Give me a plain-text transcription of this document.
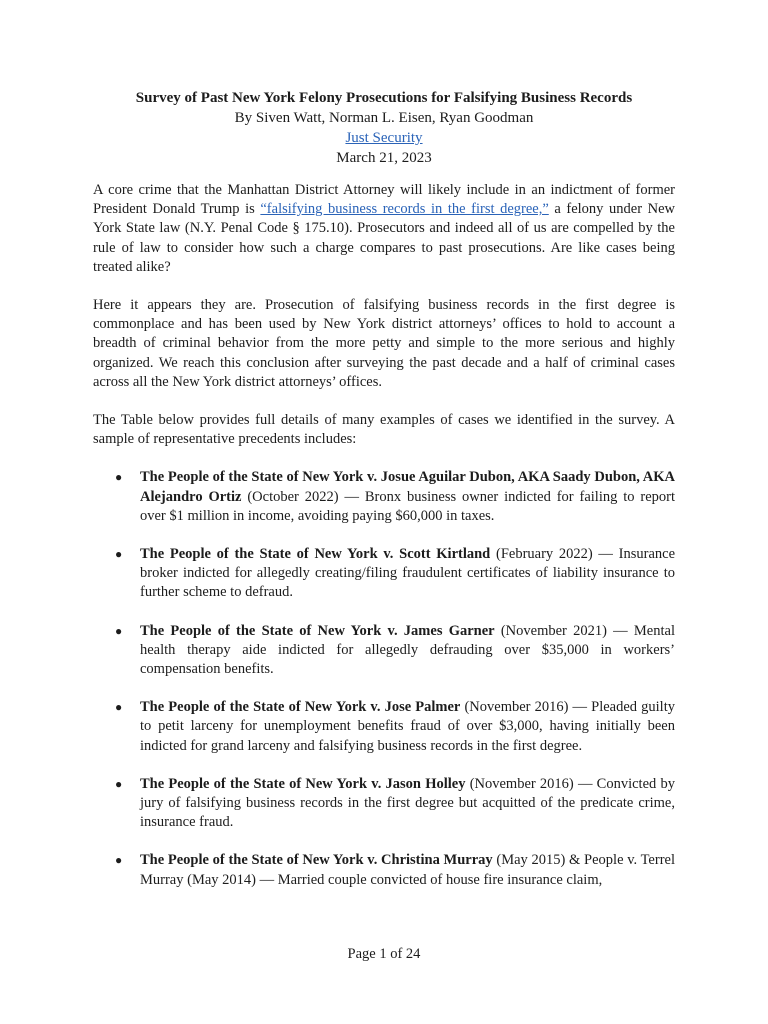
Survey of Past New York Felony Prosecutions for Falsifying Business Records
By Siven Watt, Norman L. Eisen, Ryan Goodman
Just Security
March 21, 2023

A core crime that the Manhattan District Attorney will likely include in an indictment of former President Donald Trump is “falsifying business records in the first degree,” a felony under New York State law (N.Y. Penal Code § 175.10). Prosecutors and indeed all of us are compelled by the rule of law to consider how such a charge compares to past prosecutions. Are like cases being treated alike?

Here it appears they are. Prosecution of falsifying business records in the first degree is commonplace and has been used by New York district attorneys’ offices to hold to account a breadth of criminal behavior from the more petty and simple to the more serious and highly organized. We reach this conclusion after surveying the past decade and a half of criminal cases across all the New York district attorneys’ offices.

The Table below provides full details of many examples of cases we identified in the survey. A sample of representative precedents includes:

● The People of the State of New York v. Josue Aguilar Dubon, AKA Saady Dubon, AKA Alejandro Ortiz (October 2022) — Bronx business owner indicted for failing to report over $1 million in income, avoiding paying $60,000 in taxes.
● The People of the State of New York v. Scott Kirtland (February 2022) — Insurance broker indicted for allegedly creating/filing fraudulent certificates of liability insurance to further scheme to defraud.
● The People of the State of New York v. James Garner (November 2021) — Mental health therapy aide indicted for allegedly defrauding over $35,000 in workers’ compensation benefits.
● The People of the State of New York v. Jose Palmer (November 2016) — Pleaded guilty to petit larceny for unemployment benefits fraud of over $3,000, having initially been indicted for grand larceny and falsifying business records in the first degree.
● The People of the State of New York v. Jason Holley (November 2016) — Convicted by jury of falsifying business records in the first degree but acquitted of the predicate crime, insurance fraud.
● The People of the State of New York v. Christina Murray (May 2015) & People v. Terrel Murray (May 2014) — Married couple convicted of house fire insurance claim,
Page 1 of 24
